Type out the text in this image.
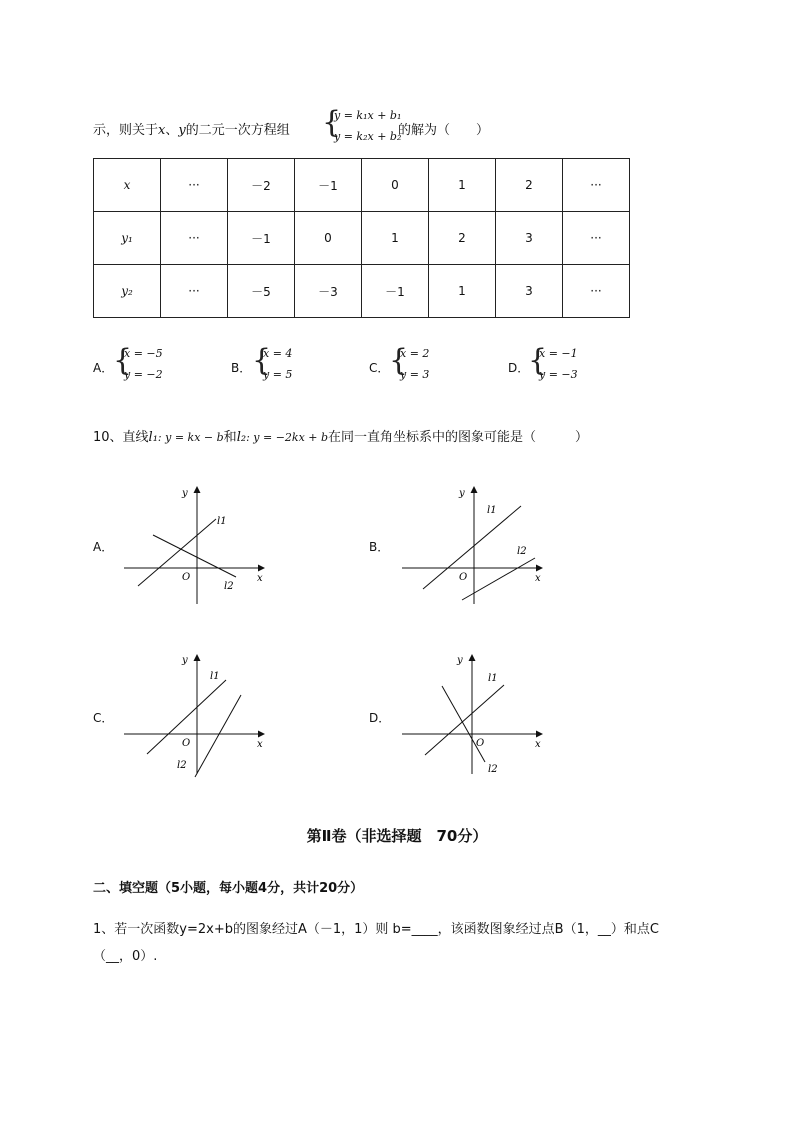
示，则关于x、y的二元一次方程组 {
y = k₁x + b₁
y = k₂x + b₂
的解为（　　）
x	···	－2	－1	0	1	2	···
y₁	···	－1	0	1	2	3	···
y₂	···	－5	－3	－1	1	3	···
A． {
x = −5
y = −2	B． {
x = 4
y = 5	C． {
x = 2
y = 3	D．
{
x = −1
y = −3
10、直线l₁: y = kx − b和l₂: y = −2kx + b在同一直角坐标系中的图象可能是（　　　）
A．
y
x
O
l1
l2
B．
y
x
O
l1
l2
C．
y
x
O
l1
l2
D．
y
x
O
l1
l2
第Ⅱ卷（非选择题　70分）
二、填空题（5小题，每小题4分，共计20分）
1、若一次函数y=2x+b的图象经过A（－1，1）则 b=____，该函数图象经过点B（1，__）和点C
（__，0）.
